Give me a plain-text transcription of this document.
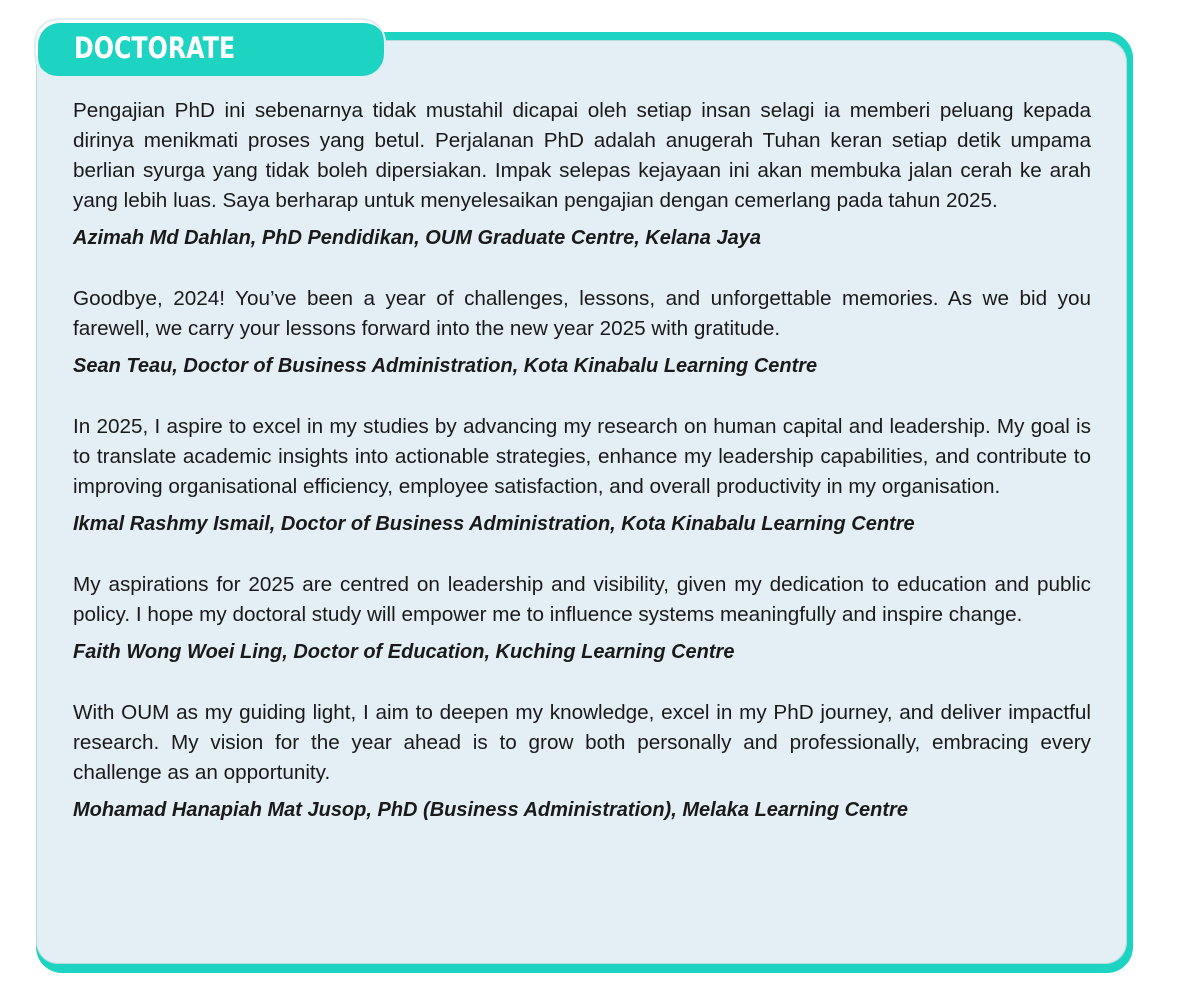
DOCTORATE

Pengajian PhD ini sebenarnya tidak mustahil dicapai oleh setiap insan selagi ia memberi peluang kepada dirinya menikmati proses yang betul. Perjalanan PhD adalah anugerah Tuhan keran setiap detik umpama berlian syurga yang tidak boleh dipersiakan. Impak selepas kejayaan ini akan membuka jalan cerah ke arah yang lebih luas. Saya berharap untuk menyelesaikan pengajian dengan cemerlang pada tahun 2025.

Azimah Md Dahlan, PhD Pendidikan, OUM Graduate Centre, Kelana Jaya

Goodbye, 2024! You’ve been a year of challenges, lessons, and unforgettable memories. As we bid you farewell, we carry your lessons forward into the new year 2025 with gratitude.

Sean Teau, Doctor of Business Administration, Kota Kinabalu Learning Centre

In 2025, I aspire to excel in my studies by advancing my research on human capital and leadership. My goal is to translate academic insights into actionable strategies, enhance my leadership capabilities, and contribute to improving organisational efficiency, employee satisfaction, and overall productivity in my organisation.

Ikmal Rashmy Ismail, Doctor of Business Administration, Kota Kinabalu Learning Centre

My aspirations for 2025 are centred on leadership and visibility, given my dedication to education and public policy. I hope my doctoral study will empower me to influence systems meaningfully and inspire change.

Faith Wong Woei Ling, Doctor of Education, Kuching Learning Centre

With OUM as my guiding light, I aim to deepen my knowledge, excel in my PhD journey, and deliver impactful research. My vision for the year ahead is to grow both personally and professionally, embracing every challenge as an opportunity.

Mohamad Hanapiah Mat Jusop, PhD (Business Administration), Melaka Learning Centre
